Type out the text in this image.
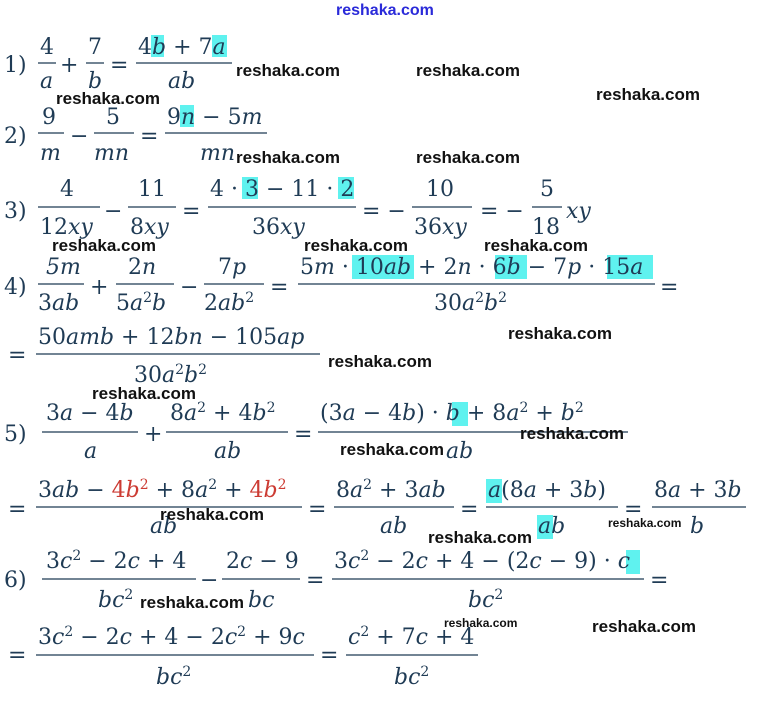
1)
4
a
+
7
b
=
4b + 7a
ab
2)
9
m
−
5
mn
=
9n − 5m
mn
3)
4
12xy
−
11
8xy
=
4 · 3 − 11 · 2
36xy
= −
10
36xy
= −
5
18
xy
4)
5m
3ab
+
2n
$5a^2b$
−
7p
$2ab^2$ =
5m · 10ab + 2n · 6b − 7p · 15a
$30a^2b^2$	=
=
50amb + 12bn − 105ap
$30a^2b^2$
5)
3a − 4b
a
+
$8a^2 + 4b^2$
ab
=
$(3a - 4b) \cdot b + 8a^2 + b^2$
ab
=
$3ab - 4b^2 + 8a^2 + 4b^2$
ab
=
$8a^2 + 3ab$
ab
=
a(8a + 3b)
ab
=
8a + 3b
b
6)
$3c^2 - 2c + 4$
$bc^2$
−
2c − 9
bc
=
$3c^2 - 2c + 4 - (2c - 9) \cdot c$
$bc^2$
=
=
$3c^2 - 2c + 4 - 2c^2 + 9c$
$bc^2$
=
$c^2 + 7c + 4$
$bc^2$
reshaka.com
reshaka.com	reshaka.com
reshaka.com
reshaka.com
reshaka.com	reshaka.com
reshaka.com	reshaka.com	reshaka.com
reshaka.com
reshaka.com
reshaka.com
reshaka.com
reshaka.com
reshaka.com
reshaka.com
reshaka.com
reshaka.com
reshaka.com	reshaka.com
